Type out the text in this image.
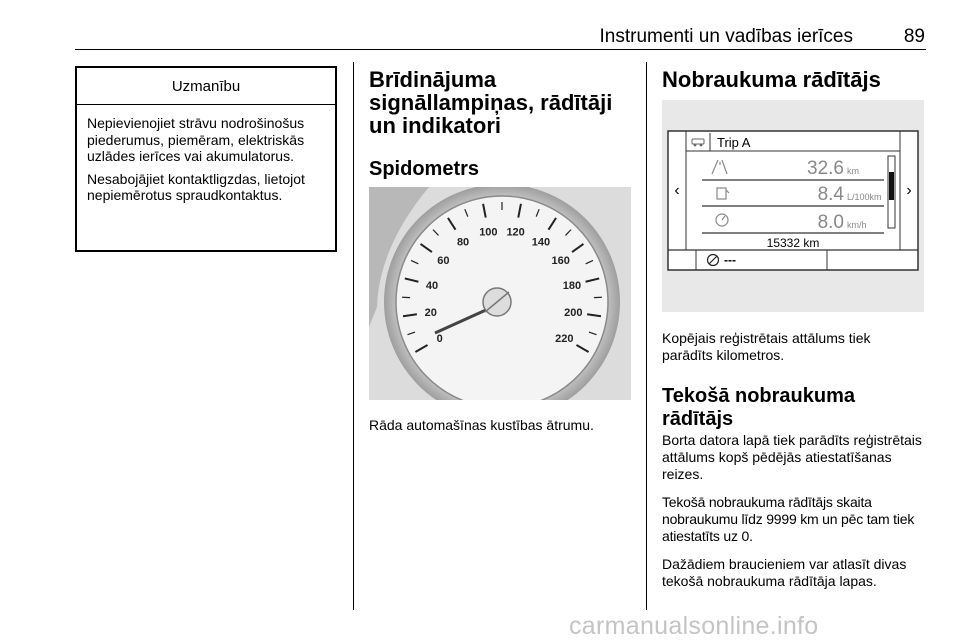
Instrumenti un vadības ierīces	89
Uzmanību

Nepievienojiet strāvu nodrošinošus piederumus, piemēram, elektriskās uzlādes ierīces vai akumulatorus.

Nesabojājiet kontaktligzdas, lietojot nepiemērotus spraudkontaktus.

Brīdinājuma
signāllampiņas, rādītāji
un indikatori
Spidometrs
0
20
40
60
80
100 120
140
160
180
200
220

Rāda automašīnas kustības ātrumu.

Nobraukuma rādītājs
‹	›
Trip A
32.6 km
8.4 L/100km
8.0 km/h
15332 km
---

Kopējais reģistrētais attālums tiek parādīts kilometros.

Tekošā nobraukuma
rādītājs

Borta datora lapā tiek parādīts reģistrētais attālums kopš pēdējās atiestatīšanas reizes.

Tekošā nobraukuma rādītājs skaita nobraukumu līdz 9999 km un pēc tam tiek atiestatīts uz 0.

Dažādiem braucieniem var atlasīt divas tekošā nobraukuma rādītāja lapas.

carmanualsonline.info
